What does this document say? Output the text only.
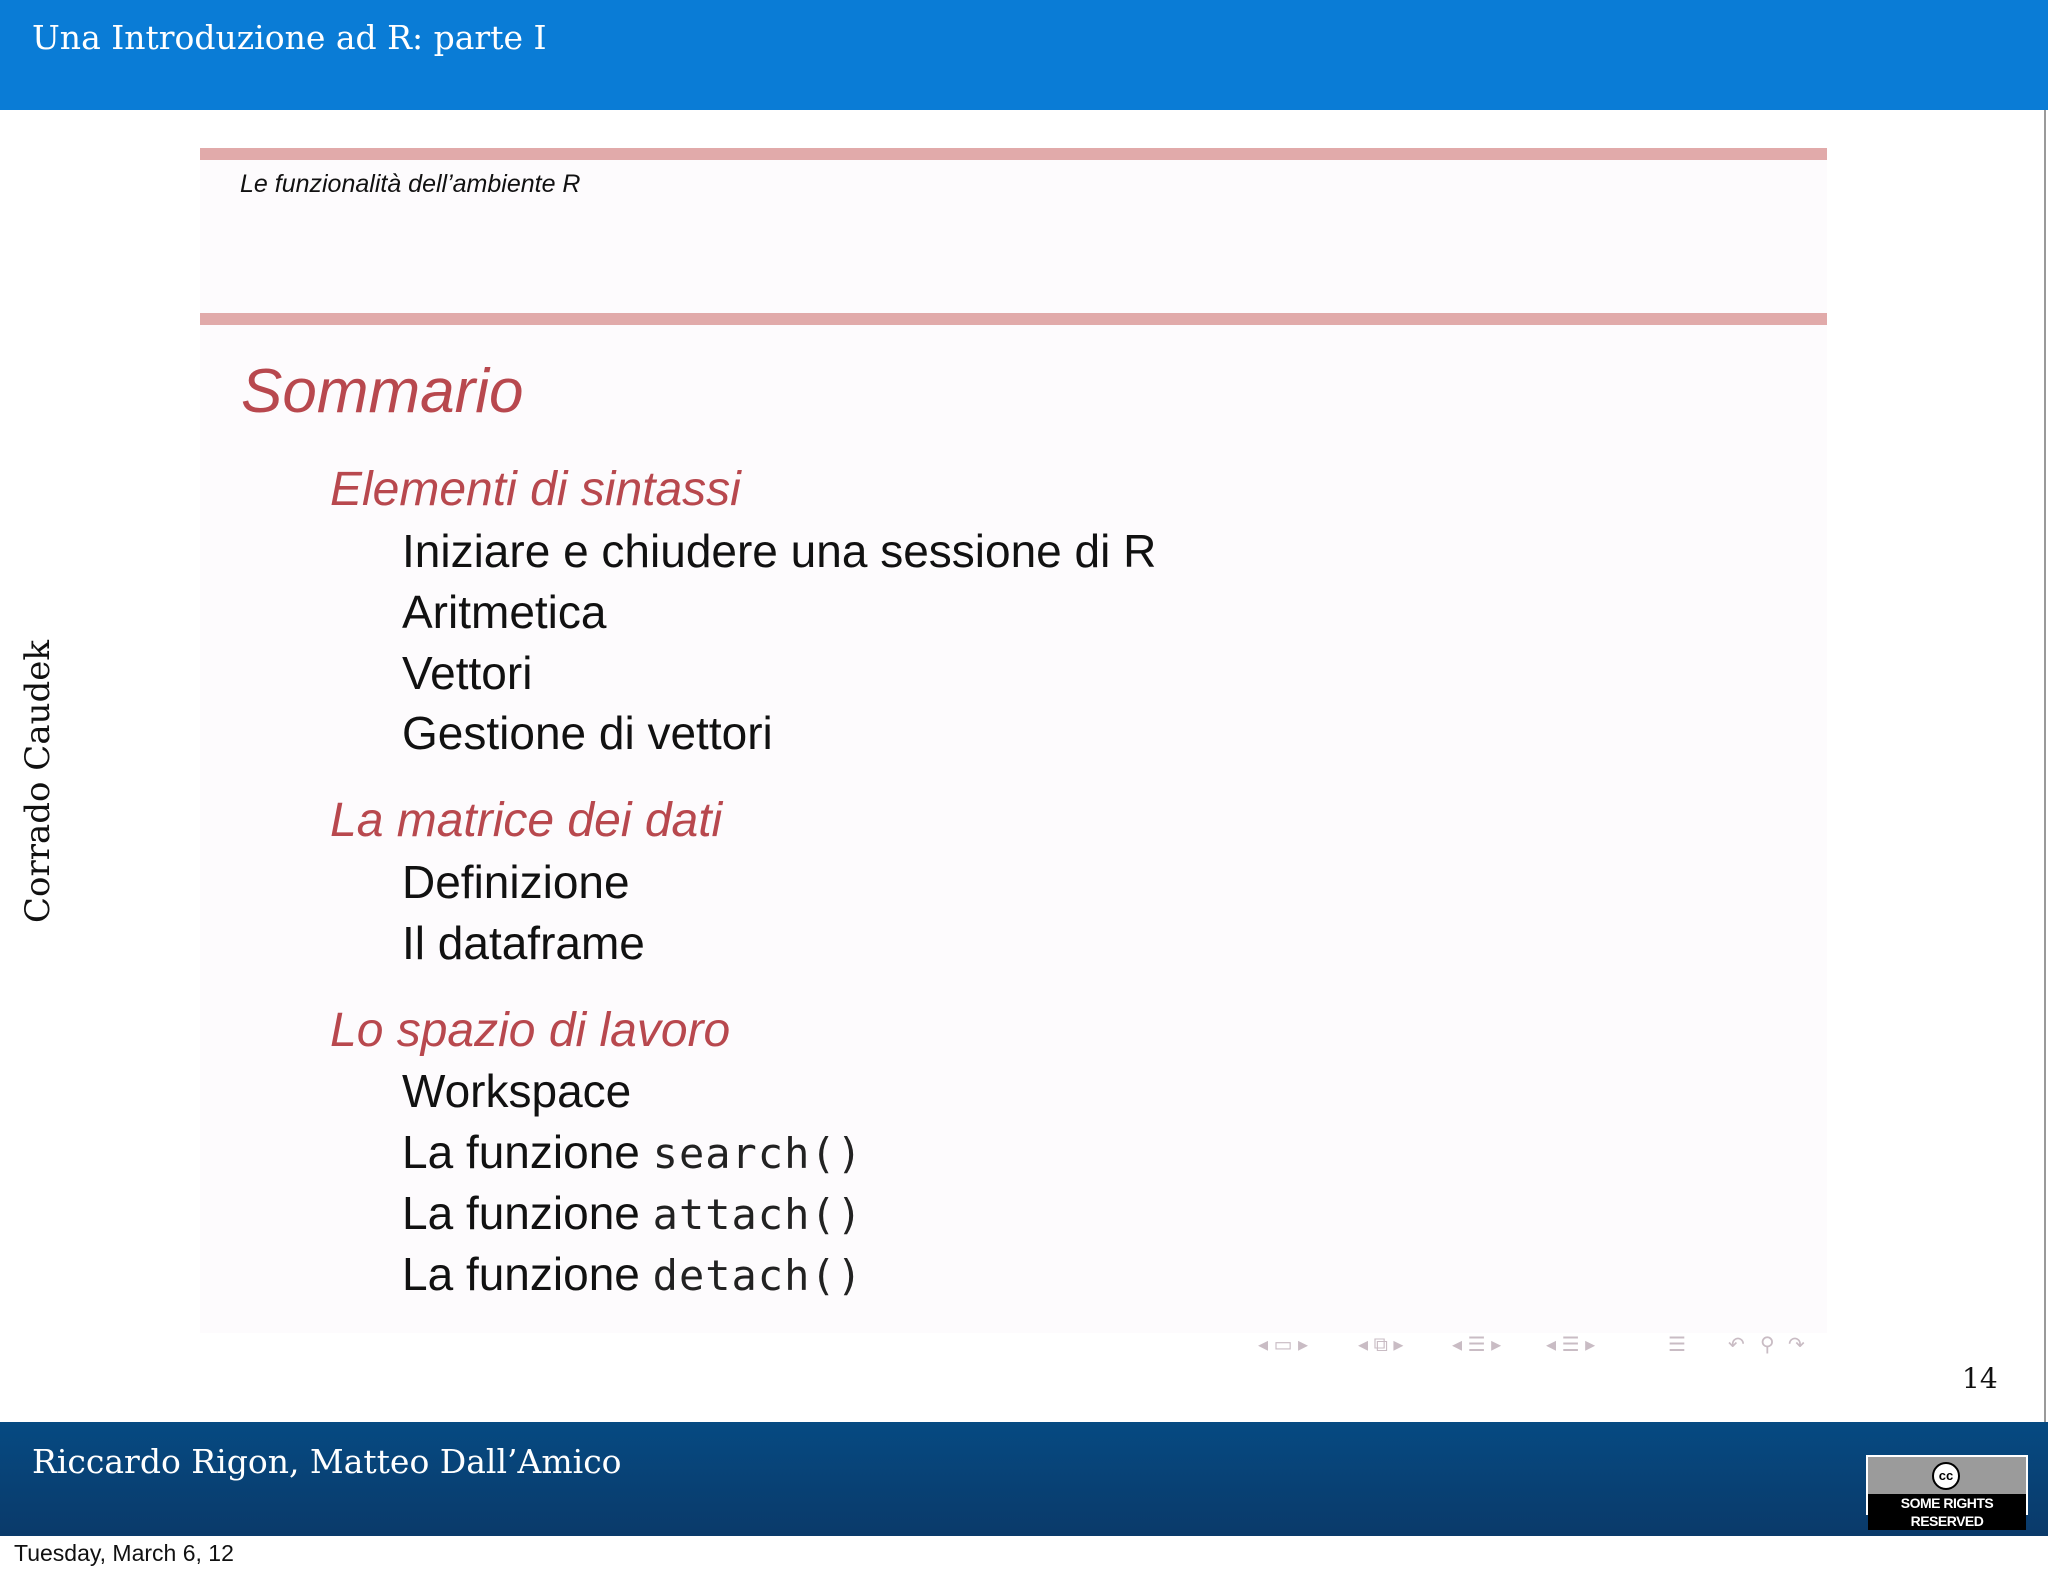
Una Introduzione ad R: parte I
Corrado Caudek
Le funzionalità dell’ambiente R
Sommario
Elementi di sintassi
Iniziare e chiudere una sessione di R
Aritmetica
Vettori
Gestione di vettori
La matrice dei dati
Definizione
Il dataframe
Lo spazio di lavoro
Workspace
La funzione search()
La funzione attach()
La funzione detach()
◂ ▭ ▸ ◂ ⧉ ▸ ◂ ☰ ▸ ◂ ☰ ▸	☰ ↶ ⚲ ↷
14
Riccardo Rigon, Matteo Dall’Amico	cc
SOME RIGHTS RESERVED
Tuesday, March 6, 12
